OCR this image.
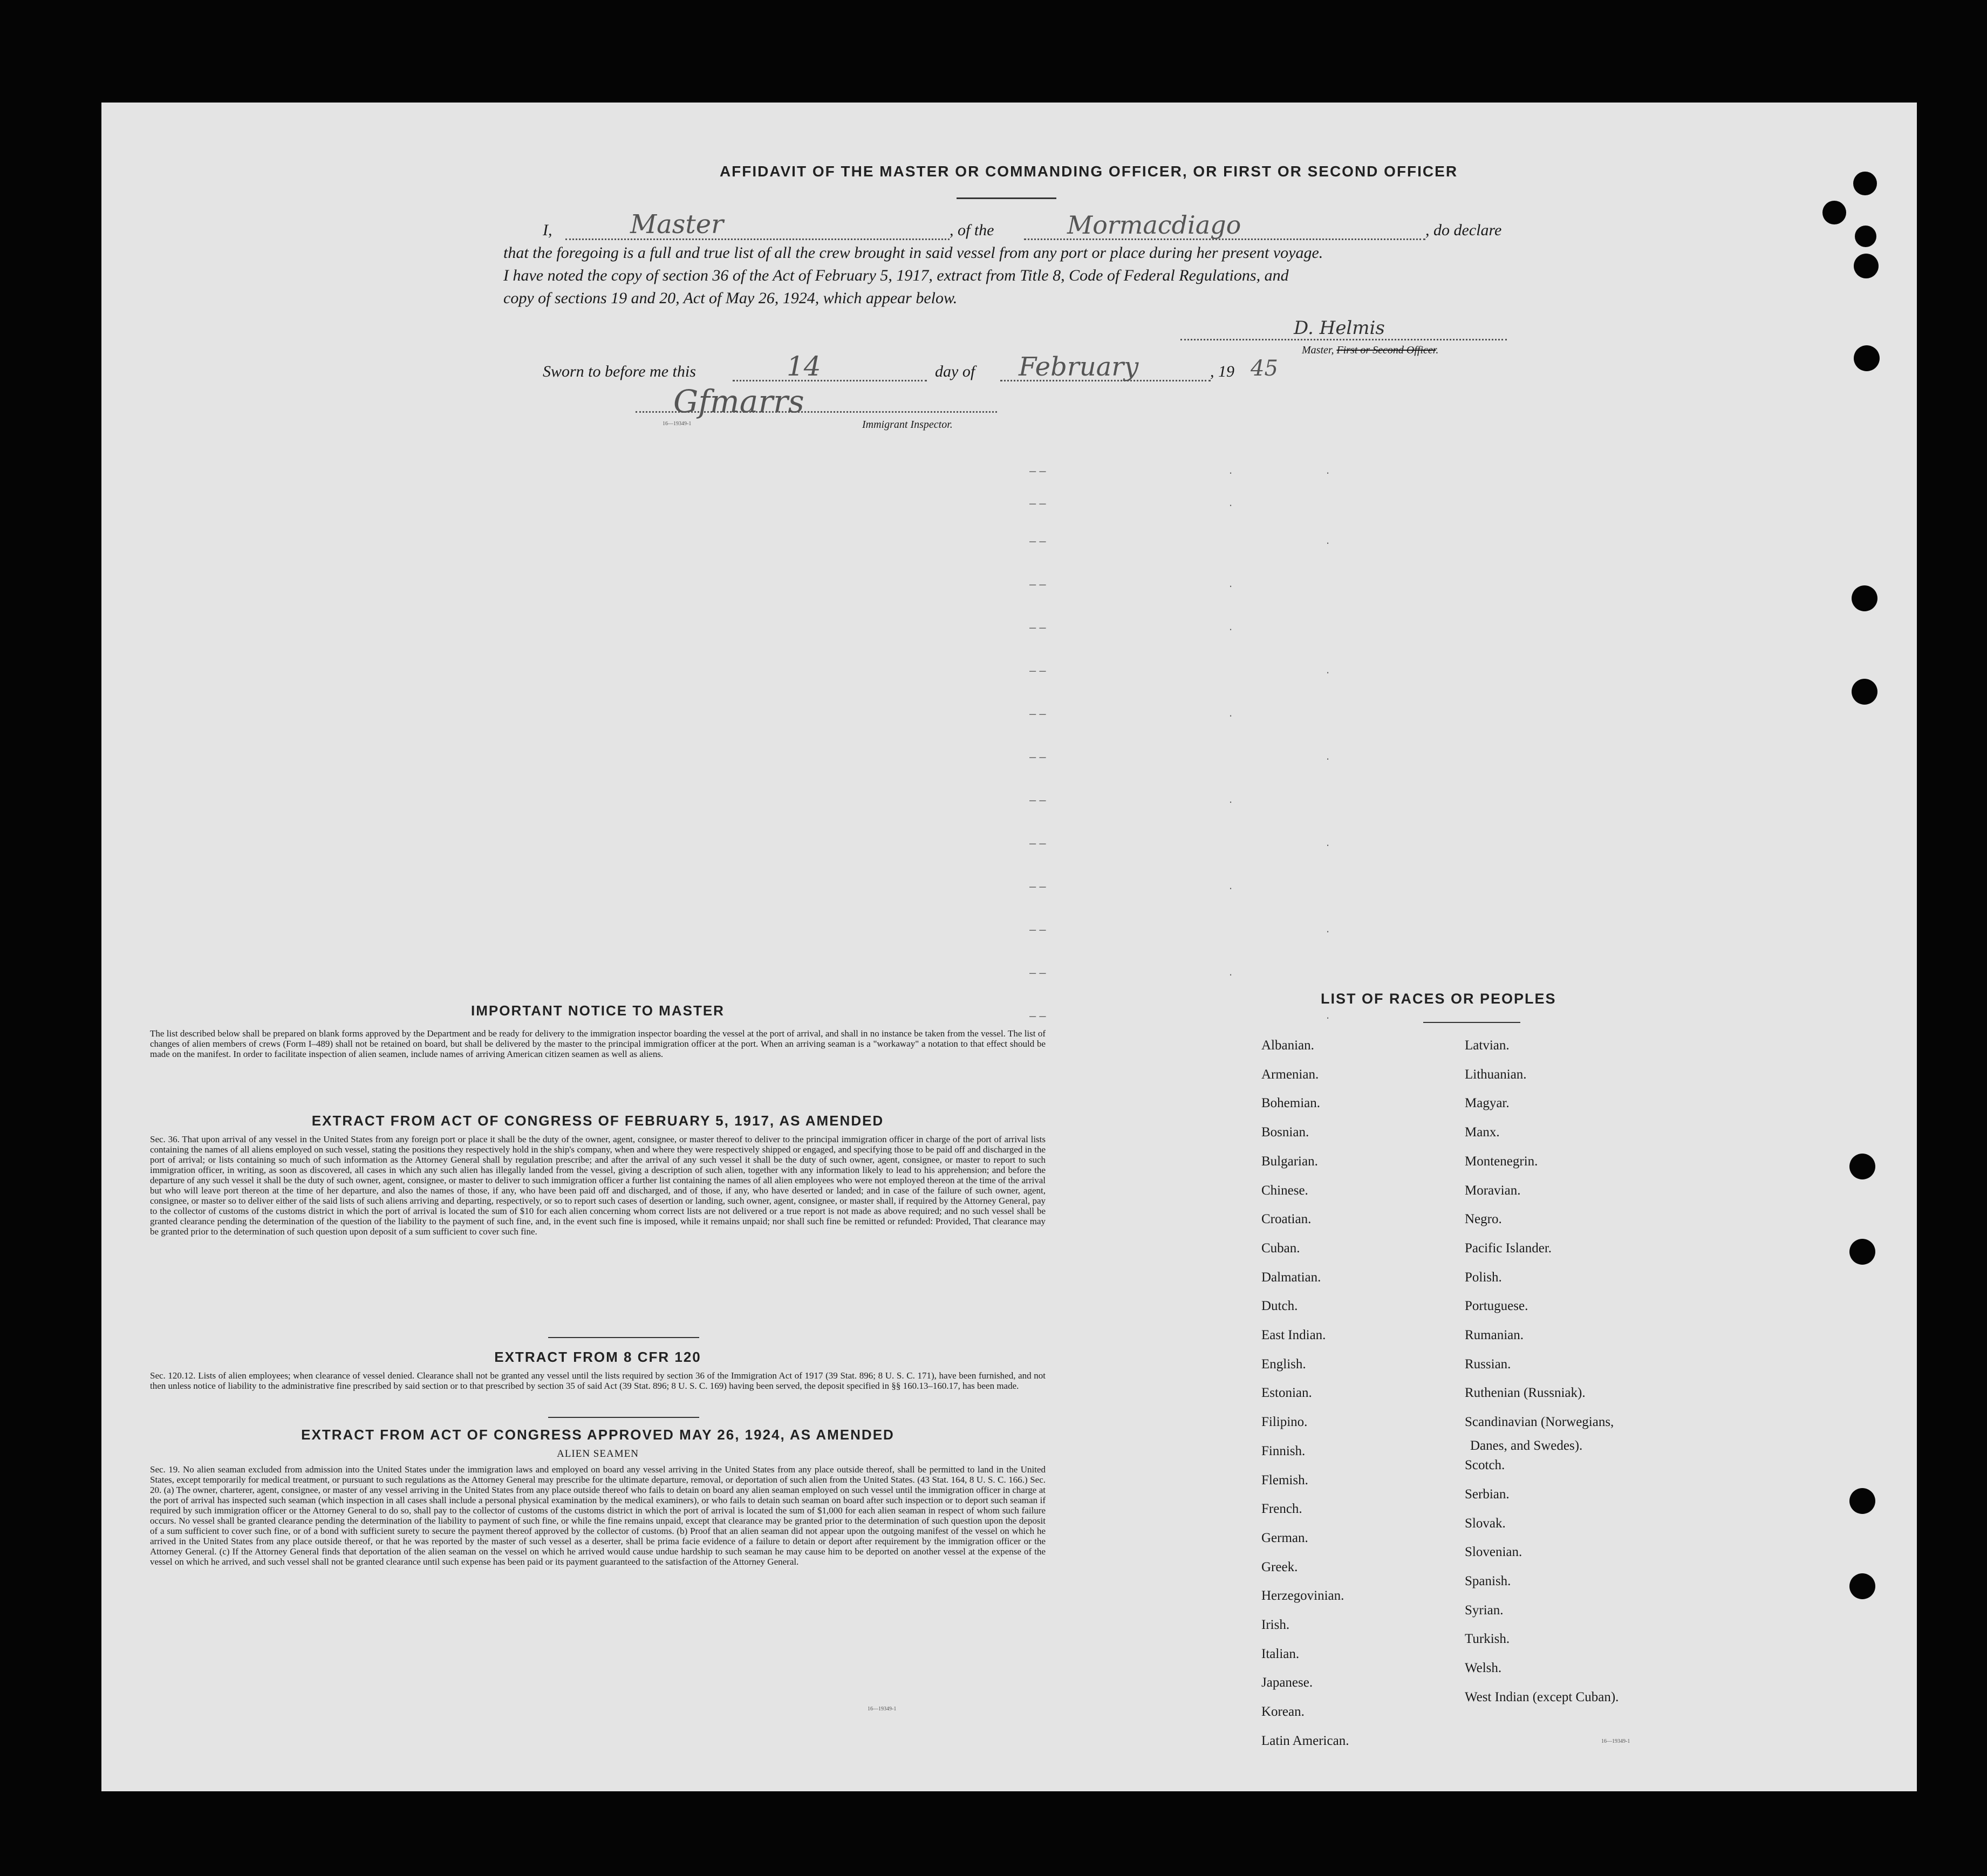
AFFIDAVIT OF THE MASTER OR COMMANDING OFFICER, OR FIRST OR SECOND OFFICER
I,	Master	, of the	Mormacdiago	, do declare
that the foregoing is a full and true list of all the crew brought in said vessel from any port or place during her present voyage.
I have noted the copy of section 36 of the Act of February 5, 1917, extract from Title 8, Code of Federal Regulations, and
copy of sections 19 and 20, Act of May 26, 1924, which appear below.
D. Helmis
Master, First or Second Officer.
Sworn to before me this	14	day of February	, 19 45
Gfmarrs
16—19349-1	Immigrant Inspector.
‒ ‒	.	.
‒ ‒	.
‒ ‒	.
‒ ‒	.
‒ ‒	.
‒ ‒	.
‒ ‒	.
‒ ‒	.
‒ ‒	.
‒ ‒	.
‒ ‒	.
‒ ‒	.
‒ ‒	.
‒ ‒	.
IMPORTANT NOTICE TO MASTER
The list described below shall be prepared on blank forms approved by the Department and be ready for delivery to the immigration inspector boarding the vessel at the port of arrival, and shall in no instance be taken from the vessel. The list of changes of alien members of crews (Form I–489) shall not be retained on board, but shall be delivered by the master to the principal immigration officer at the port. When an arriving seaman is a "workaway" a notation to that effect should be made on the manifest. In order to facilitate inspection of alien seamen, include names of arriving American citizen seamen as well as aliens.
EXTRACT FROM ACT OF CONGRESS OF FEBRUARY 5, 1917, AS AMENDED
Sec. 36. That upon arrival of any vessel in the United States from any foreign port or place it shall be the duty of the owner, agent, consignee, or master thereof to deliver to the principal immigration officer in charge of the port of arrival lists containing the names of all aliens employed on such vessel, stating the positions they respectively hold in the ship's company, when and where they were respectively shipped or engaged, and specifying those to be paid off and discharged in the port of arrival; or lists containing so much of such information as the Attorney General shall by regulation prescribe; and after the arrival of any such vessel it shall be the duty of such owner, agent, consignee, or master to report to such immigration officer, in writing, as soon as discovered, all cases in which any such alien has illegally landed from the vessel, giving a description of such alien, together with any information likely to lead to his apprehension; and before the departure of any such vessel it shall be the duty of such owner, agent, consignee, or master to deliver to such immigration officer a further list containing the names of all alien employees who were not employed thereon at the time of the arrival but who will leave port thereon at the time of her departure, and also the names of those, if any, who have been paid off and discharged, and of those, if any, who have deserted or landed; and in case of the failure of such owner, agent, consignee, or master so to deliver either of the said lists of such aliens arriving and departing, respectively, or so to report such cases of desertion or landing, such owner, agent, consignee, or master shall, if required by the Attorney General, pay to the collector of customs of the customs district in which the port of arrival is located the sum of $10 for each alien concerning whom correct lists are not delivered or a true report is not made as above required; and no such vessel shall be granted clearance pending the determination of the question of the liability to the payment of such fine, and, in the event such fine is imposed, while it remains unpaid; nor shall such fine be remitted or refunded: Provided, That clearance may be granted prior to the determination of such question upon deposit of a sum sufficient to cover such fine.
EXTRACT FROM 8 CFR 120
Sec. 120.12. Lists of alien employees; when clearance of vessel denied. Clearance shall not be granted any vessel until the lists required by section 36 of the Immigration Act of 1917 (39 Stat. 896; 8 U. S. C. 171), have been furnished, and not then unless notice of liability to the administrative fine prescribed by said section or to that prescribed by section 35 of said Act (39 Stat. 896; 8 U. S. C. 169) having been served, the deposit specified in §§ 160.13–160.17, has been made.
EXTRACT FROM ACT OF CONGRESS APPROVED MAY 26, 1924, AS AMENDED
ALIEN SEAMEN
Sec. 19. No alien seaman excluded from admission into the United States under the immigration laws and employed on board any vessel arriving in the United States from any place outside thereof, shall be permitted to land in the United States, except temporarily for medical treatment, or pursuant to such regulations as the Attorney General may prescribe for the ultimate departure, removal, or deportation of such alien from the United States. (43 Stat. 164, 8 U. S. C. 166.) Sec. 20. (a) The owner, charterer, agent, consignee, or master of any vessel arriving in the United States from any place outside thereof who fails to detain on board any alien seaman employed on such vessel until the immigration officer in charge at the port of arrival has inspected such seaman (which inspection in all cases shall include a personal physical examination by the medical examiners), or who fails to detain such seaman on board after such inspection or to deport such seaman if required by such immigration officer or the Attorney General to do so, shall pay to the collector of customs of the customs district in which the port of arrival is located the sum of $1,000 for each alien seaman in respect of whom such failure occurs. No vessel shall be granted clearance pending the determination of the liability to payment of such fine, or while the fine remains unpaid, except that clearance may be granted prior to the determination of such question upon the deposit of a sum sufficient to cover such fine, or of a bond with sufficient surety to secure the payment thereof approved by the collector of customs. (b) Proof that an alien seaman did not appear upon the outgoing manifest of the vessel on which he arrived in the United States from any place outside thereof, or that he was reported by the master of such vessel as a deserter, shall be prima facie evidence of a failure to detain or deport after requirement by the immigration officer or the Attorney General. (c) If the Attorney General finds that deportation of the alien seaman on the vessel on which he arrived would cause undue hardship to such seaman he may cause him to be deported on another vessel at the expense of the vessel on which he arrived, and such vessel shall not be granted clearance until such expense has been paid or its payment guaranteed to the satisfaction of the Attorney General.
16—19349-1
LIST OF RACES OR PEOPLES
Albanian.
Armenian.
Bohemian.
Bosnian.
Bulgarian.
Chinese.
Croatian.
Cuban.
Dalmatian.
Dutch.
East Indian.
English.
Estonian.
Filipino.
Finnish.
Flemish.
French.
German.
Greek.
Herzegovinian.
Irish.
Italian.
Japanese.
Korean.
Latin American.
Latvian.
Lithuanian.
Magyar.
Manx.
Montenegrin.
Moravian.
Negro.
Pacific Islander.
Polish.
Portuguese.
Rumanian.
Russian.
Ruthenian (Russniak).
Scandinavian (Norwegians,
Scotch.
Serbian.
Slovak.
Slovenian.
Spanish.
Syrian.
Turkish.
Welsh.
West Indian (except Cuban).
Danes, and Swedes).
16—19349-1
